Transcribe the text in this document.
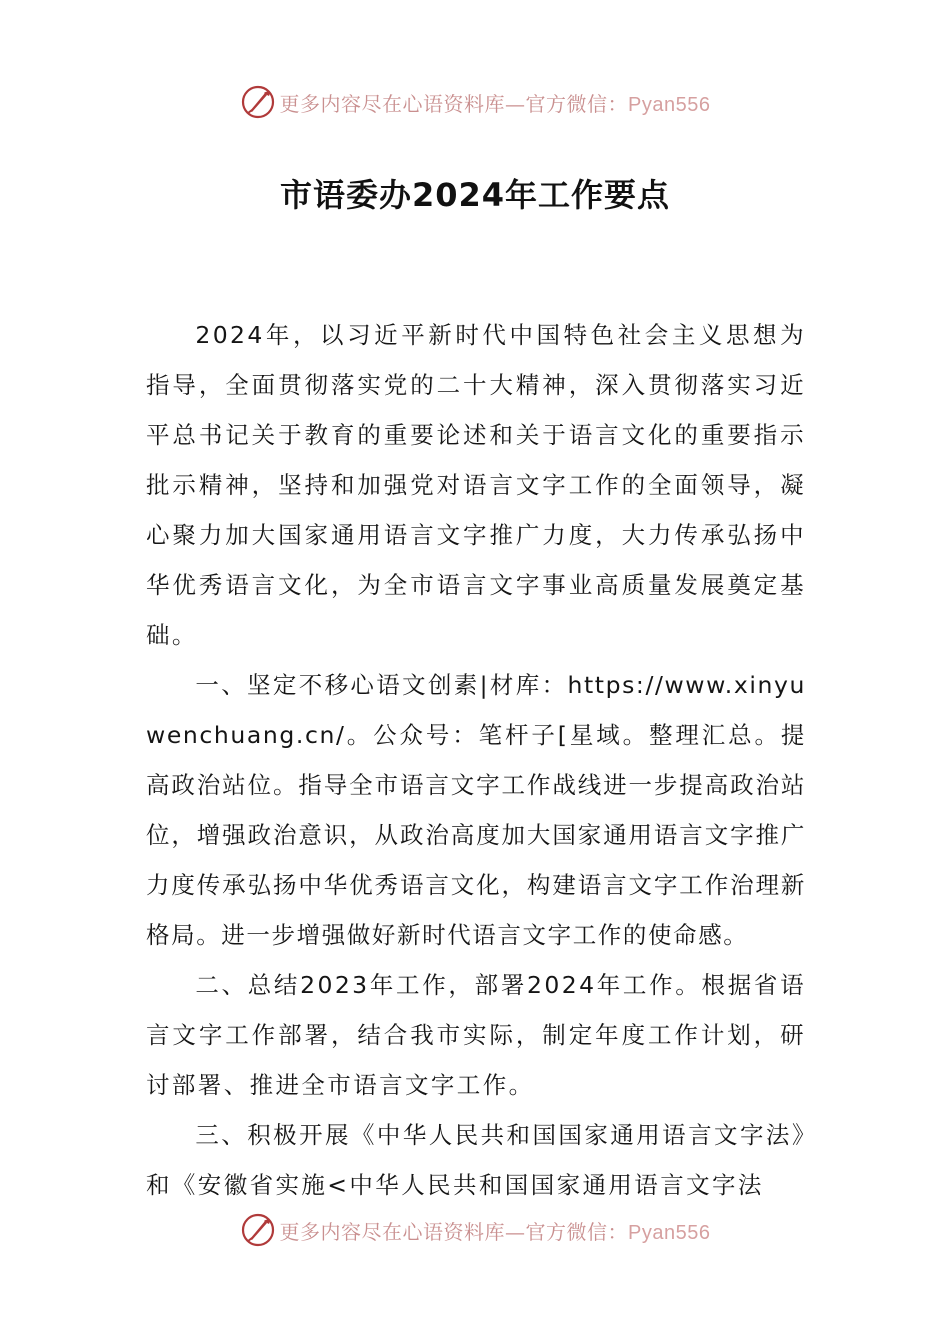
更多内容尽在心语资料库—官方微信：Pyan556
市语委办2024年工作要点

2024年，以习近平新时代中国特色社会主义思想为指导，全面贯彻落实党的二十大精神，深入贯彻落实习近平总书记关于教育的重要论述和关于语言文化的重要指示批示精神，坚持和加强党对语言文字工作的全面领导，凝心聚力加大国家通用语言文字推广力度，大力传承弘扬中华优秀语言文化，为全市语言文字事业高质量发展奠定基础。

一、坚定不移心语文创素|材库：https://www.xinyuwenchuang.cn/。公众号：笔杆子[星域。整理汇总。提高政治站位。指导全市语言文字工作战线进一步提高政治站位，增强政治意识，从政治高度加大国家通用语言文字推广力度传承弘扬中华优秀语言文化，构建语言文字工作治理新格局。进一步增强做好新时代语言文字工作的使命感。

二、总结2023年工作，部署2024年工作。根据省语言文字工作部署，结合我市实际，制定年度工作计划，研讨部署、推进全市语言文字工作。

三、积极开展《中华人民共和国国家通用语言文字法》和《安徽省实施<中华人民共和国国家通用语言文字法

更多内容尽在心语资料库—官方微信：Pyan556
